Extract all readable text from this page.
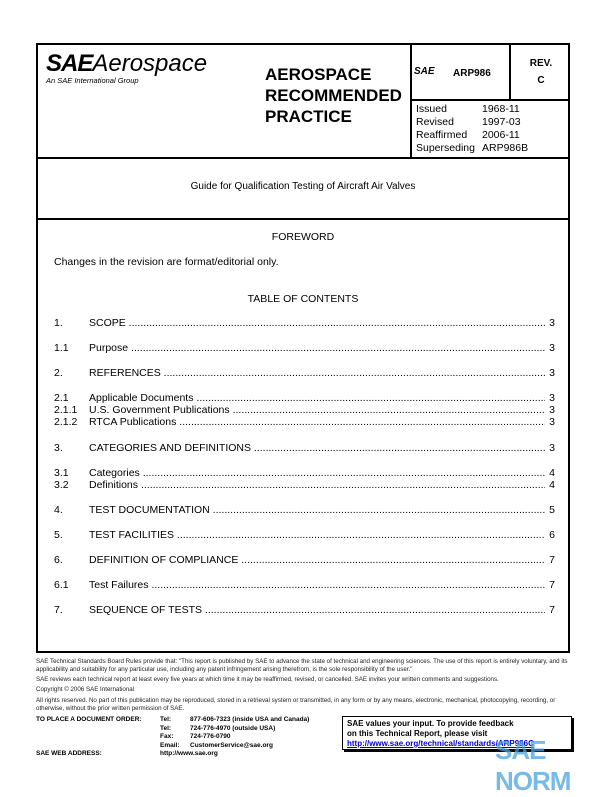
SAEAerospace
An SAE International Group	AEROSPACE
RECOMMENDED
PRACTICE
SAE ARP986
REV.
C
Issued	1968-11
Revised	1997-03
Reaffirmed	2006-11
Superseding ARP986B
Guide for Qualification Testing of Aircraft Air Valves
FOREWORD
Changes in the revision are format/editorial only.
TABLE OF CONTENTS
1.	SCOPE .....	3
1.1	Purpose .....	3
2.	REFERENCES .....	3
2.1	Applicable Documents .....	3
2.1.1	U.S. Government Publications .....	3
2.1.2	RTCA Publications .....	3
3.	CATEGORIES AND DEFINITIONS .....	3
3.1	Categories .....	4
3.2	Definitions .....	4
4.	TEST DOCUMENTATION .....	5
5.	TEST FACILITIES .....	6
6.	DEFINITION OF COMPLIANCE .....	7
6.1	Test Failures .....	7
7.	SEQUENCE OF TESTS .....	7
SAE Technical Standards Board Rules provide that: "This report is published by SAE to advance the state of technical and engineering sciences. The use of this report is entirely voluntary, and its applicability and suitability for any particular use, including any patent infringement arising therefrom, is the sole responsibility of the user."
SAE reviews each technical report at least every five years at which time it may be reaffirmed, revised, or cancelled. SAE invites your written comments and suggestions.
Copyright © 2006 SAE International
All rights reserved. No part of this publication may be reproduced, stored in a retrieval system or transmitted, in any form or by any means, electronic, mechanical, photocopying, recording, or otherwise, without the prior written permission of SAE.
TO PLACE A DOCUMENT ORDER:	Tel:	877-606-7323 (inside USA and Canada)
Tel:	724-776-4970 (outside USA)
Fax:	724-776-0790
Email:	CustomerService@sae.org
SAE WEB ADDRESS:	http://www.sae.org
SAE values your input. To provide feedback
on this Technical Report, please visit
http://www.sae.org/technical/standards/ARP986C
SAE NORM
